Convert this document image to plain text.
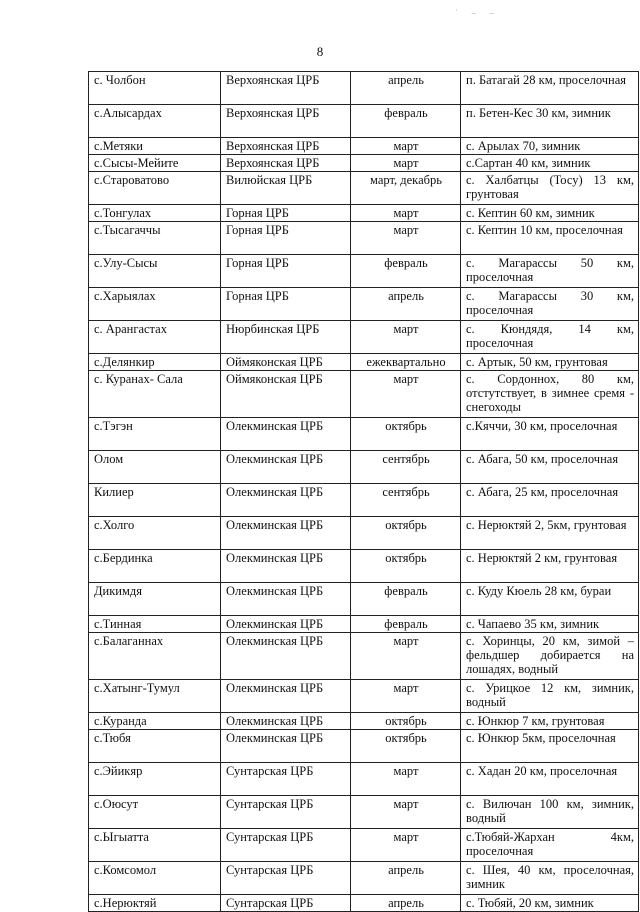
· _ _
8
с. Чолбон	Верхоянская ЦРБ	апрель	п. Батагай 28 км, проселочная
с.Алысардах	Верхоянская ЦРБ	февраль	п. Бетен-Кес 30 км, зимник
с.Метяки	Верхоянская ЦРБ	март	с. Арылах 70, зимник
с.Сысы-Мейите	Верхоянская ЦРБ	март	с.Сартан 40 км, зимник
с.Староватово	Вилюйская ЦРБ	март, декабрь	с. Халбатцы (Тосу) 13 км, грунтовая
с.Тонгулах	Горная ЦРБ	март	с. Кептин 60 км, зимник
с.Тысагаччы	Горная ЦРБ	март	с. Кептин 10 км, проселочная
с.Улу-Сысы	Горная ЦРБ	февраль	с. Магарассы 50 км, проселочная
с.Харыялах	Горная ЦРБ	апрель	с. Магарассы 30 км, проселочная
с. Арангастах	Нюрбинская ЦРБ	март	с. Кюндядя, 14 км, проселочная
с.Делянкир	Оймяконская ЦРБ	ежеквартально	с. Артык, 50 км, грунтовая
с. Куранах- Сала	Оймяконская ЦРБ	март	с. Сордоннох, 80 км, отстутствует, в зимнее сремя - снегоходы
с.Тэгэн	Олекминская ЦРБ	октябрь	с.Кяччи, 30 км, проселочная
Олом	Олекминская ЦРБ	сентябрь	с. Абага, 50 км, проселочная
Килиер	Олекминская ЦРБ	сентябрь	с. Абага, 25 км, проселочная
с.Холго	Олекминская ЦРБ	октябрь	с. Нерюктяй 2, 5км, грунтовая
с.Бердинка	Олекминская ЦРБ	октябрь	с. Нерюктяй 2 км, грунтовая
Дикимдя	Олекминская ЦРБ	февраль	с. Куду Кюель 28 км, бураи
с.Тинная	Олекминская ЦРБ	февраль	с. Чапаево 35 км, зимник
с.Балаганнах	Олекминская ЦРБ	март	с. Хоринцы, 20 км, зимой – фельдшер добирается на лошадях, водный
с.Хатынг-Тумул	Олекминская ЦРБ	март	с. Урицкое 12 км, зимник, водный
с.Куранда	Олекминская ЦРБ	октябрь	с. Юнкюр 7 км, грунтовая
с.Тюбя	Олекминская ЦРБ	октябрь	с. Юнкюр 5км, проселочная
с.Эйикяр	Сунтарская ЦРБ	март	с. Хадан 20 км, проселочная
с.Оюсут	Сунтарская ЦРБ	март	с. Вилючан 100 км, зимник, водный
с.Ыгыатта	Сунтарская ЦРБ	март	с.Тюбяй-Жархан 4км, проселочная
с.Комсомол	Сунтарская ЦРБ	апрель	с. Шея, 40 км, проселочная, зимник
с.Нерюктяй	Сунтарская ЦРБ	апрель	с. Тюбяй, 20 км, зимник
